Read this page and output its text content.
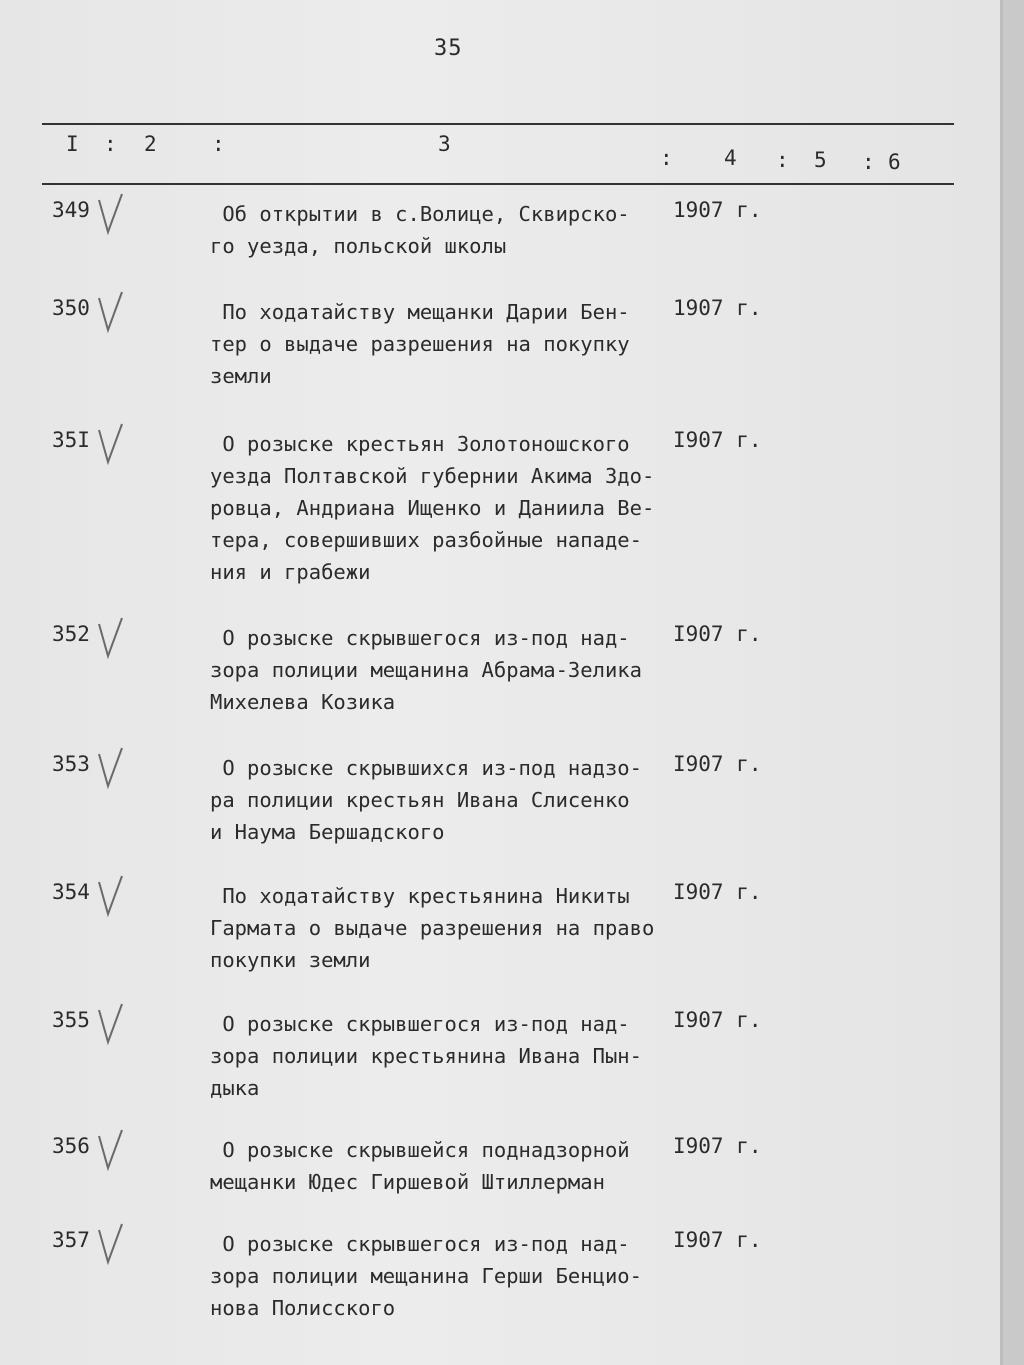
35
I : 2	:	3
: 4 : 5 : 6
349	Об открытии в с.Волице, Сквирско-
го уезда, польской школы
1907 г.
350	По ходатайству мещанки Дарии Бен-
тер о выдаче разрешения на покупку
земли
1907 г.
35I	О розыске крестьян Золотоношского
уезда Полтавской губернии Акима Здо-
ровца, Андриана Ищенко и Даниила Ве-
тера, совершивших разбойные нападе-
ния и грабежи
I907 г.
352	О розыске скрывшегося из-под над-
зора полиции мещанина Абрама-Зелика
Михелева Козика
I907 г.
353	О розыске скрывшихся из-под надзо-
ра полиции крестьян Ивана Слисенко
и Наума Бершадского
I907 г.
354	По ходатайству крестьянина Никиты
Гармата о выдаче разрешения на право
покупки земли
I907 г.
355	О розыске скрывшегося из-под над-
зора полиции крестьянина Ивана Пын-
дыка
I907 г.
356	О розыске скрывшейся поднадзорной
мещанки Юдес Гиршевой Штиллерман
I907 г.
357	О розыске скрывшегося из-под над-
зора полиции мещанина Герши Бенцио-
нова Полисского
I907 г.
